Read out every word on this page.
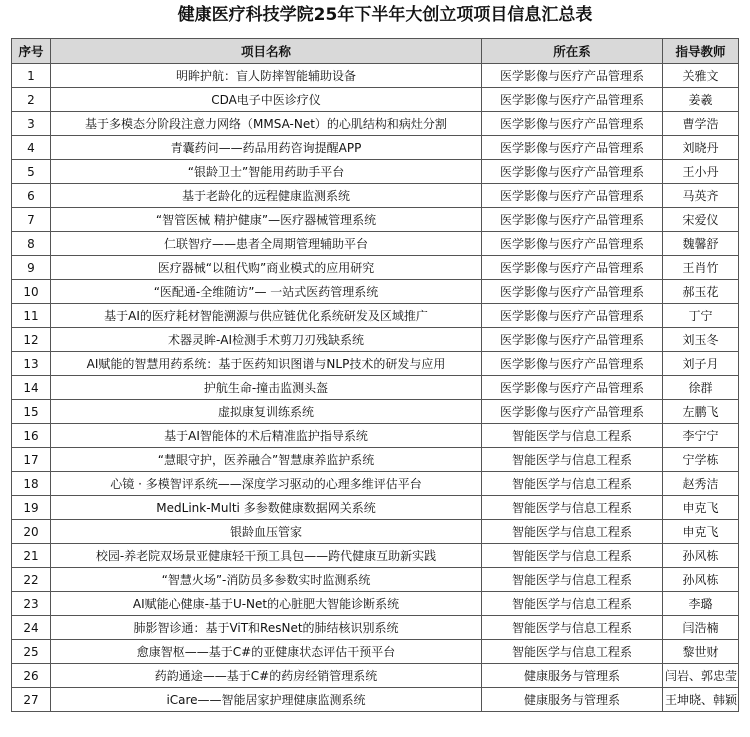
健康医疗科技学院25年下半年大创立项项目信息汇总表
序号	项目名称	所在系	指导教师
1	明眸护航：盲人防摔智能辅助设备	医学影像与医疗产品管理系	关雅文
2	CDA电子中医诊疗仪	医学影像与医疗产品管理系	姜羲
3	基于多模态分阶段注意力网络（MMSA-Net）的心肌结构和病灶分割	医学影像与医疗产品管理系	曹学浩
4	青囊药问——药品用药咨询提醒APP	医学影像与医疗产品管理系	刘晓丹
5	“银龄卫士”智能用药助手平台	医学影像与医疗产品管理系	王小丹
6	基于老龄化的远程健康监测系统	医学影像与医疗产品管理系	马英齐
7	“智管医械 精护健康”—医疗器械管理系统	医学影像与医疗产品管理系	宋爱仪
8	仁联智疗——患者全周期管理辅助平台	医学影像与医疗产品管理系	魏馨舒
9	医疗器械“以租代购”商业模式的应用研究	医学影像与医疗产品管理系	王肖竹
10	“医配通-全维随访”— 一站式医药管理系统	医学影像与医疗产品管理系	郝玉花
11	基于AI的医疗耗材智能溯源与供应链优化系统研发及区域推广	医学影像与医疗产品管理系	丁宁
12	术器灵眸-AI检测手术剪刀刃残缺系统	医学影像与医疗产品管理系	刘玉冬
13	AI赋能的智慧用药系统：基于医药知识图谱与NLP技术的研发与应用	医学影像与医疗产品管理系	刘子月
14	护航生命-撞击监测头盔	医学影像与医疗产品管理系	徐群
15	虚拟康复训练系统	医学影像与医疗产品管理系	左鹏飞
16	基于AI智能体的术后精准监护指导系统	智能医学与信息工程系	李宁宁
17	“慧眼守护，医养融合”智慧康养监护系统	智能医学与信息工程系	宁学栋
18	心镜 · 多模智评系统——深度学习驱动的心理多维评估平台	智能医学与信息工程系	赵秀洁
19	MedLink-Multi 多参数健康数据网关系统	智能医学与信息工程系	申克飞
20	银龄血压管家	智能医学与信息工程系	申克飞
21	校园-养老院双场景亚健康轻干预工具包——跨代健康互助新实践	智能医学与信息工程系	孙风栋
22	“智慧火场”-消防员多参数实时监测系统	智能医学与信息工程系	孙风栋
23	AI赋能心健康-基于U-Net的心脏肥大智能诊断系统	智能医学与信息工程系	李璐
24	肺影智诊通：基于ViT和ResNet的肺结核识别系统	智能医学与信息工程系	闫浩楠
25	愈康智枢——基于C#的亚健康状态评估干预平台	智能医学与信息工程系	黎世财
26	药韵通途——基于C#的药房经销管理系统	健康服务与管理系	闫岩、郭忠莹
27	iCare——智能居家护理健康监测系统	健康服务与管理系	王坤晓、韩颖
